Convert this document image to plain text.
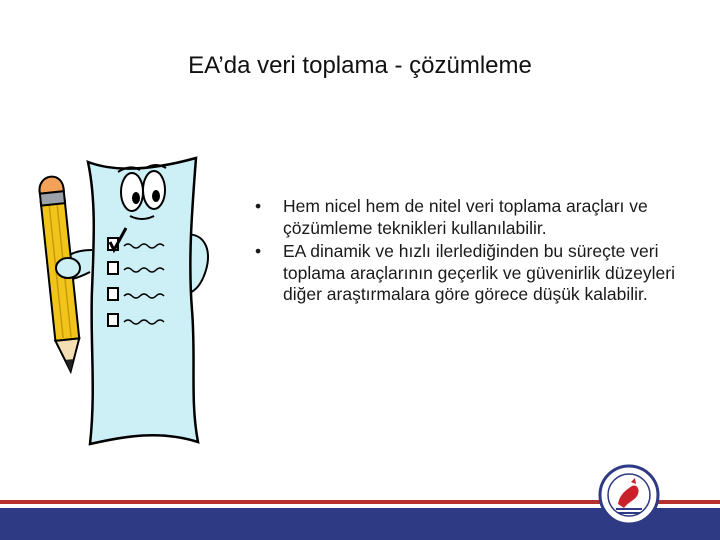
EA’da veri toplama - çözümleme
• Hem nicel hem de nitel veri toplama araçları ve çözümleme teknikleri kullanılabilir.
• EA dinamik ve hızlı ilerlediğinden bu süreçte veri toplama araçlarının geçerlik ve güvenirlik düzeyleri diğer araştırmalara göre görece düşük kalabilir.
